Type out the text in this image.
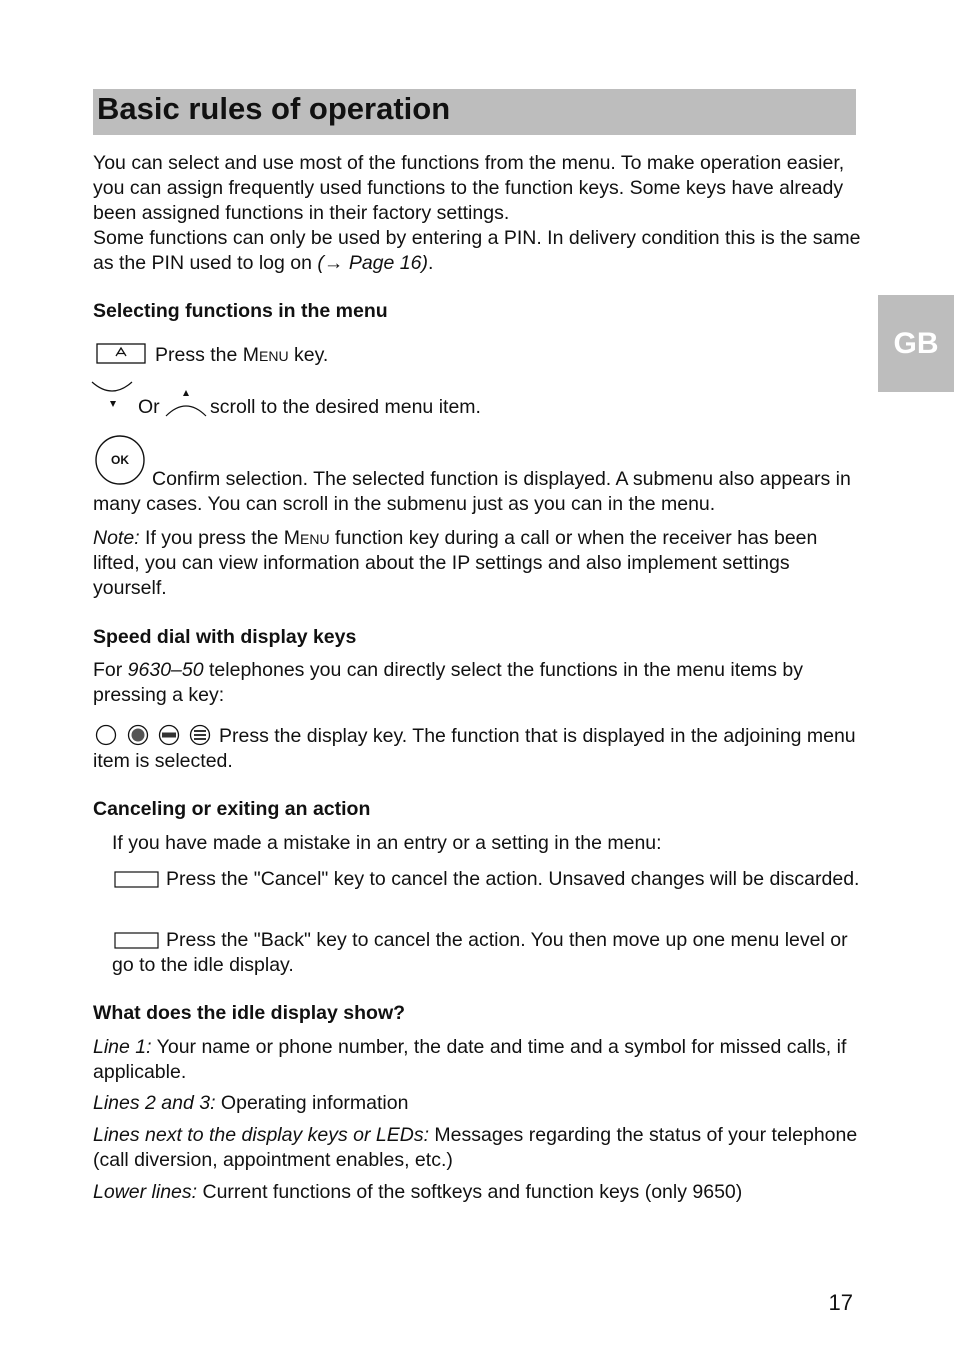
Basic rules of operation
GB

You can select and use most of the functions from the menu. To make operation easier, you can assign frequently used functions to the function keys. Some keys have already been assigned functions in their factory settings.

Some functions can only be used by entering a PIN. In delivery condition this is the same as the PIN used to log on (→ Page 16).

Selecting functions in the menu

Press the Menu key.

Or	scroll to the desired menu item.

OK

Confirm selection. The selected function is displayed. A submenu also appears in many cases. You can scroll in the submenu just as you can in the menu.

Note: If you press the Menu function key during a call or when the receiver has been lifted, you can view information about the IP settings and also implement settings yourself.

Speed dial with display keys

For 9630–50 telephones you can directly select the functions in the menu items by pressing a key:

Press the display key. The function that is displayed in the adjoining menu item is selected.

Canceling or exiting an action

If you have made a mistake in an entry or a setting in the menu:

Press the "Cancel" key to cancel the action. Unsaved changes will be discarded.

Press the "Back" key to cancel the action. You then move up one menu level or go to the idle display.

What does the idle display show?

Line 1: Your name or phone number, the date and time and a symbol for missed calls, if applicable.

Lines 2 and 3: Operating information

Lines next to the display keys or LEDs: Messages regarding the status of your telephone (call diversion, appointment enables, etc.)

Lower lines: Current functions of the softkeys and function keys (only 9650)

17
